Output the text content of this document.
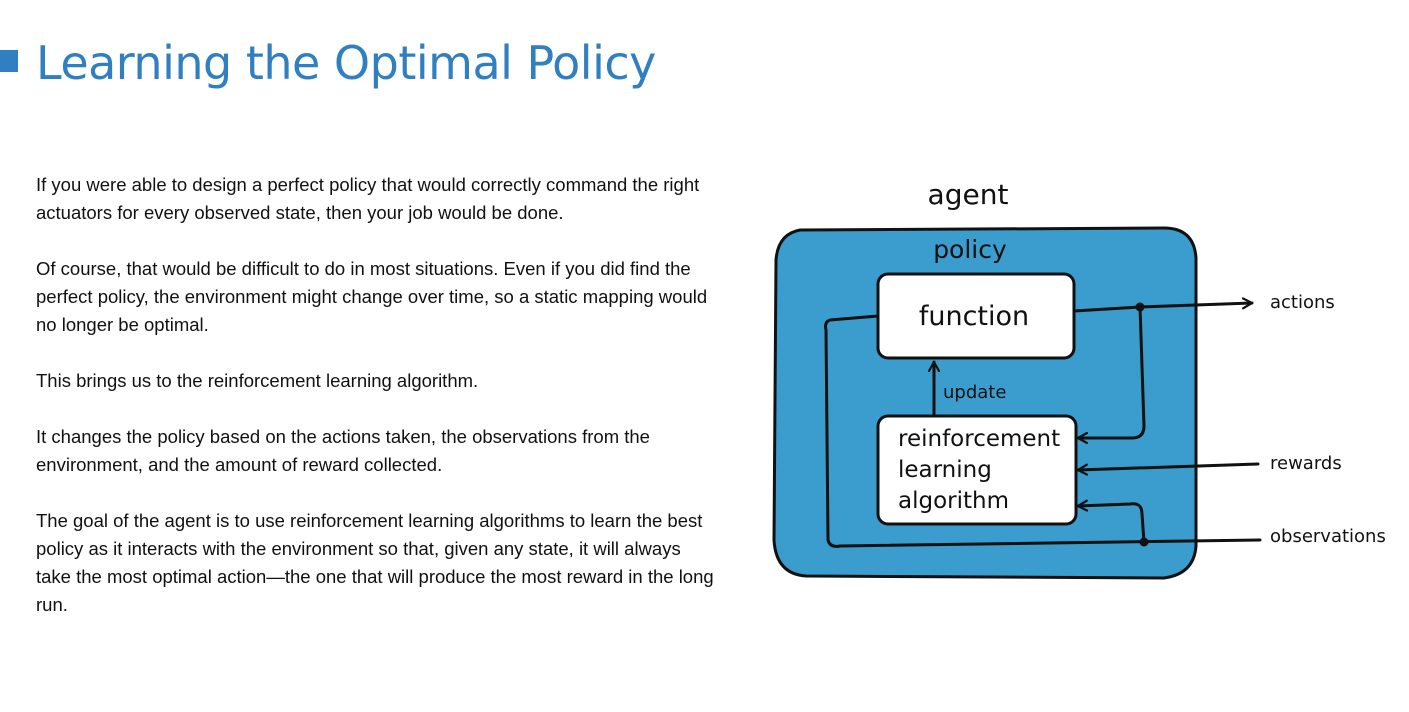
Learning the Optimal Policy

If you were able to design a perfect policy that would correctly command the right actuators for every observed state, then your job would be done.

Of course, that would be difficult to do in most situations. Even if you did find the perfect policy, the environment might change over time, so a static mapping would no longer be optimal.

This brings us to the reinforcement learning algorithm.

It changes the policy based on the actions taken, the observations from the environment, and the amount of reward collected.

The goal of the agent is to use reinforcement learning algorithms to learn the best policy as it interacts with the environment so that, given any state, it will always take the most optimal action—the one that will produce the most reward in the long run.

agent
policy
function	actions
update
reinforcement
learning
algorithm
rewards
observations
